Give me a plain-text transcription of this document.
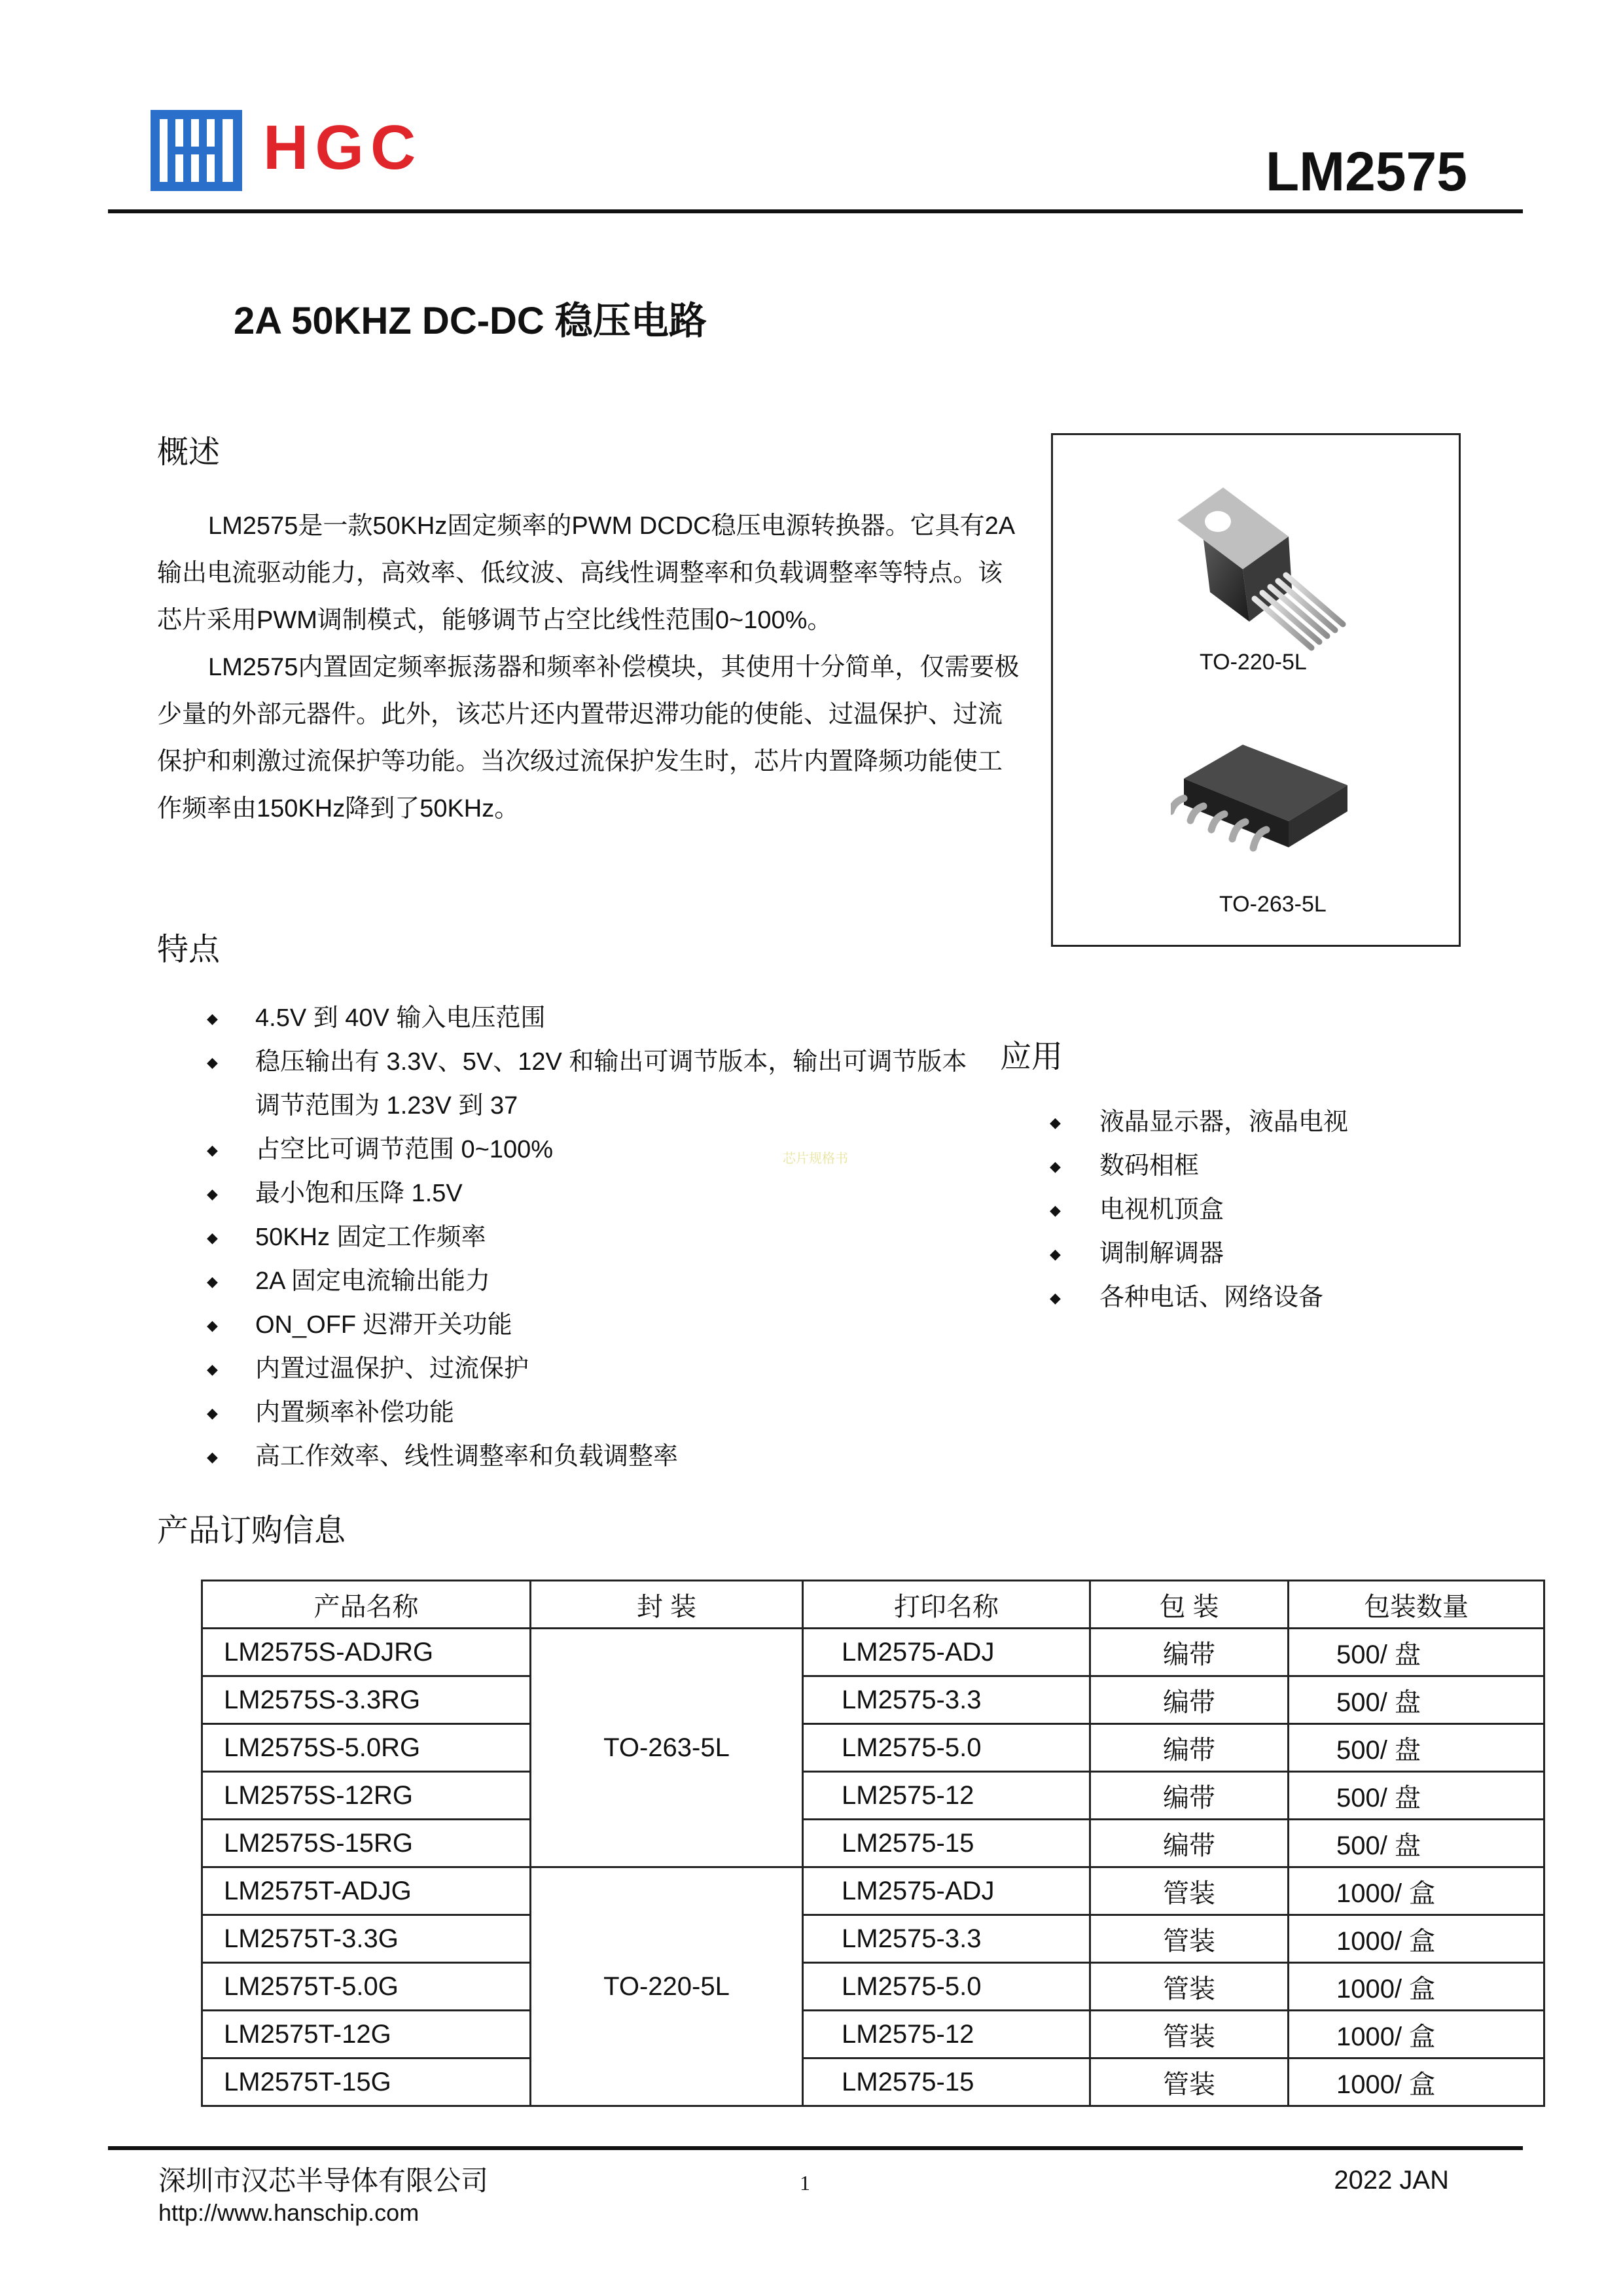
HGC	LM2575
2A 50KHZ DC-DC 稳压电路
概述

LM2575是一款50KHz固定频率的PWM DCDC稳压电源转换器。它具有2A输出电流驱动能力，高效率、低纹波、高线性调整率和负载调整率等特点。该芯片采用PWM调制模式，能够调节占空比线性范围0~100%。

LM2575内置固定频率振荡器和频率补偿模块，其使用十分简单，仅需要极少量的外部元器件。此外，该芯片还内置带迟滞功能的使能、过温保护、过流保护和刺激过流保护等功能。当次级过流保护发生时，芯片内置降频功能使工作频率由150KHz降到了50KHz。

TO-220-5L
TO-263-5L
特点
◆ 4.5V 到 40V 输入电压范围
◆ 稳压输出有 3.3V、5V、12V 和输出可调节版本，输出可调节版本调节范围为 1.23V 到 37
◆ 占空比可调节范围 0~100%
◆ 最小饱和压降 1.5V
◆ 50KHz 固定工作频率
◆ 2A 固定电流输出能力
◆ ON_OFF 迟滞开关功能
◆ 内置过温保护、过流保护
◆ 内置频率补偿功能
◆ 高工作效率、线性调整率和负载调整率
芯片规格书
应用
◆ 液晶显示器，液晶电视
◆ 数码相框
◆ 电视机顶盒
◆ 调制解调器
◆ 各种电话、网络设备
产品订购信息
产品名称	封 装	打印名称	包 装	包装数量
LM2575S-ADJRG	TO-263-5L	LM2575-ADJ	编带	500/ 盘
LM2575S-3.3RG		LM2575-3.3	编带	500/ 盘
LM2575S-5.0RG		LM2575-5.0	编带	500/ 盘
LM2575S-12RG		LM2575-12	编带	500/ 盘
LM2575S-15RG		LM2575-15	编带	500/ 盘
LM2575T-ADJG	TO-220-5L	LM2575-ADJ	管装	1000/ 盒
LM2575T-3.3G		LM2575-3.3	管装	1000/ 盒
LM2575T-5.0G		LM2575-5.0	管装	1000/ 盒
LM2575T-12G		LM2575-12	管装	1000/ 盒
LM2575T-15G		LM2575-15	管装	1000/ 盒
深圳市汉芯半导体有限公司
http://www.hanschip.com
1	2022 JAN
